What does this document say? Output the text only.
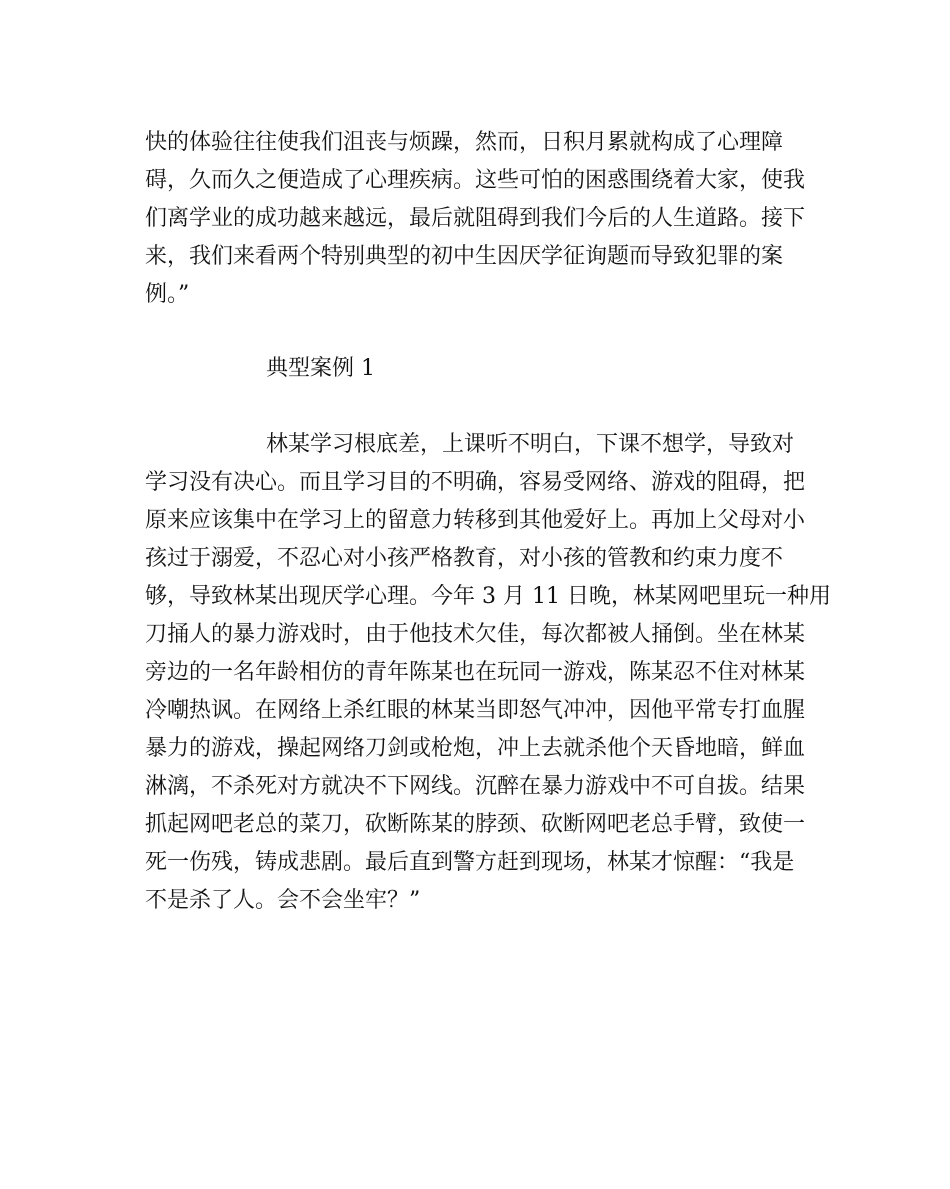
快的体验往往使我们沮丧与烦躁，然而，日积月累就构成了心理障
碍，久而久之便造成了心理疾病。这些可怕的困惑围绕着大家，使我
们离学业的成功越来越远，最后就阻碍到我们今后的人生道路。接下
来，我们来看两个特别典型的初中生因厌学征询题而导致犯罪的案
例。”
典型案例 1
林某学习根底差，上课听不明白，下课不想学，导致对
学习没有决心。而且学习目的不明确，容易受网络、游戏的阻碍，把
原来应该集中在学习上的留意力转移到其他爱好上。再加上父母对小
孩过于溺爱，不忍心对小孩严格教育，对小孩的管教和约束力度不
够，导致林某出现厌学心理。今年 3 月 11 日晚，林某网吧里玩一种用
刀捅人的暴力游戏时，由于他技术欠佳，每次都被人捅倒。坐在林某
旁边的一名年龄相仿的青年陈某也在玩同一游戏，陈某忍不住对林某
冷嘲热讽。在网络上杀红眼的林某当即怒气冲冲，因他平常专打血腥
暴力的游戏，操起网络刀剑或枪炮，冲上去就杀他个天昏地暗，鲜血
淋漓，不杀死对方就决不下网线。沉醉在暴力游戏中不可自拔。结果
抓起网吧老总的菜刀，砍断陈某的脖颈、砍断网吧老总手臂，致使一
死一伤残，铸成悲剧。最后直到警方赶到现场，林某才惊醒：“我是
不是杀了人。会不会坐牢？”
